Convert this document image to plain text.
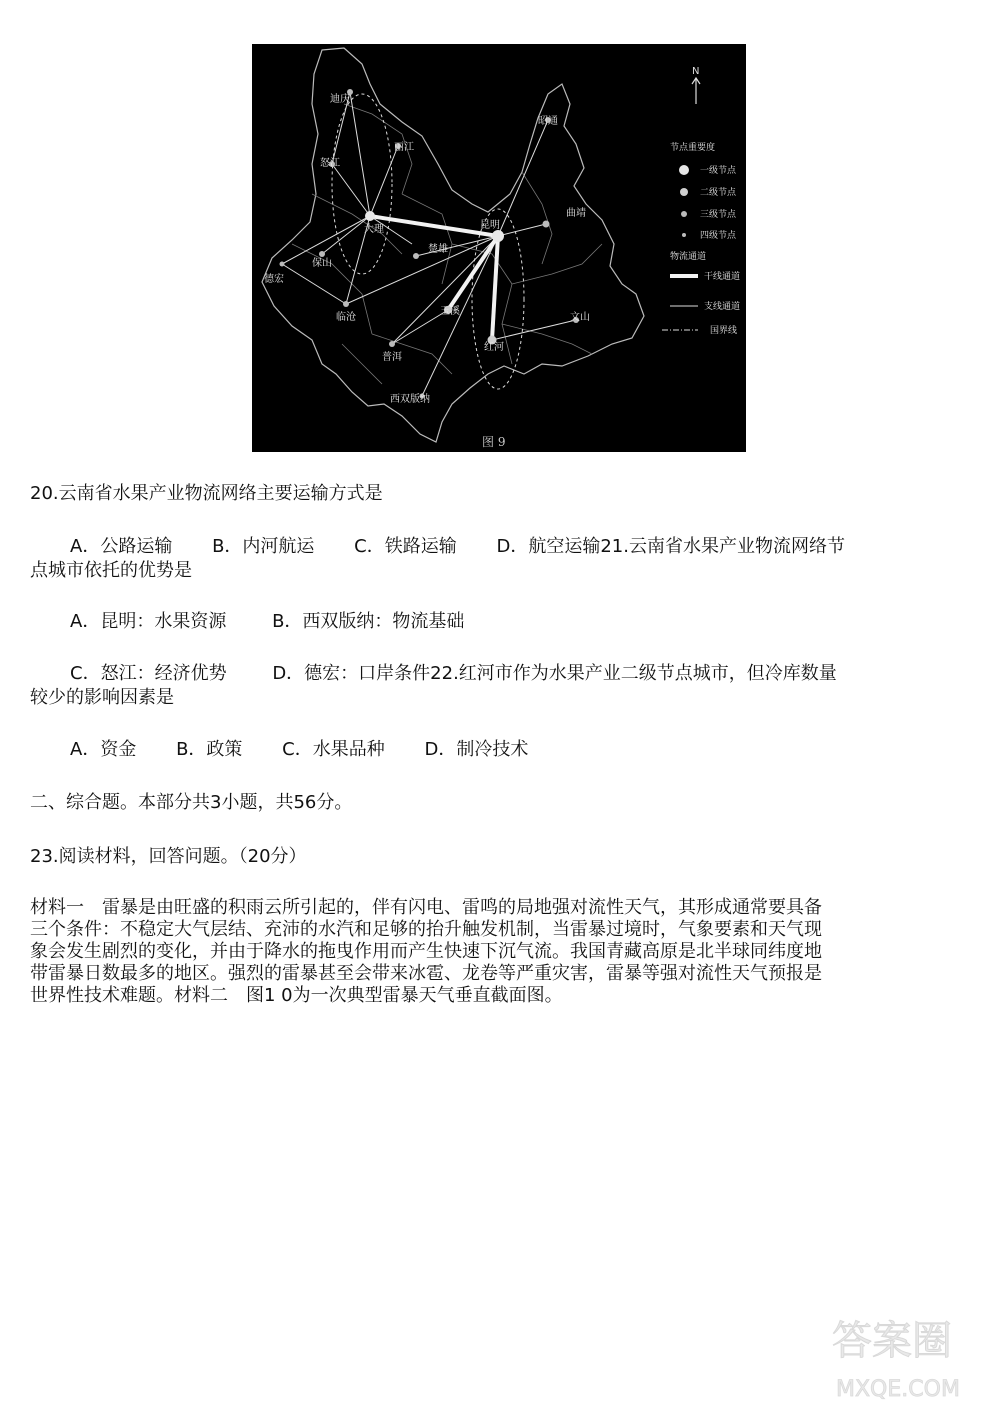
迪庆
怒江
丽江
昭通
曲靖
昆明
大理
楚雄
保山
德宏
临沧
玉溪
红河
文山
普洱
西双版纳
N
节点重要度
一级节点
二级节点
三级节点
四级节点
物流通道
干线通道
支线通道
国界线
图 9
20.云南省水果产业物流网络主要运输方式是
A．公路运输 B．内河航运 C．铁路运输 D．航空运输21.云南省水果产业物流网络节
点城市依托的优势是
A．昆明：水果资源	B．西双版纳：物流基础
C．怒江：经济优势	D．德宏：口岸条件22.红河市作为水果产业二级节点城市，但冷库数量
较少的影响因素是
A．资金 B．政策 C．水果品种 D．制冷技术
二、综合题。本部分共3小题，共56分。
23.阅读材料，回答问题。（20分）
材料一　雷暴是由旺盛的积雨云所引起的，伴有闪电、雷鸣的局地强对流性天气，其形成通常要具备
三个条件：不稳定大气层结、充沛的水汽和足够的抬升触发机制，当雷暴过境时，气象要素和天气现
象会发生剧烈的变化，并由于降水的拖曳作用而产生快速下沉气流。我国青藏高原是北半球同纬度地
带雷暴日数最多的地区。强烈的雷暴甚至会带来冰雹、龙卷等严重灾害，雷暴等强对流性天气预报是
世界性技术难题。材料二　图1 0为一次典型雷暴天气垂直截面图。
答案圈
MXQE.COM
